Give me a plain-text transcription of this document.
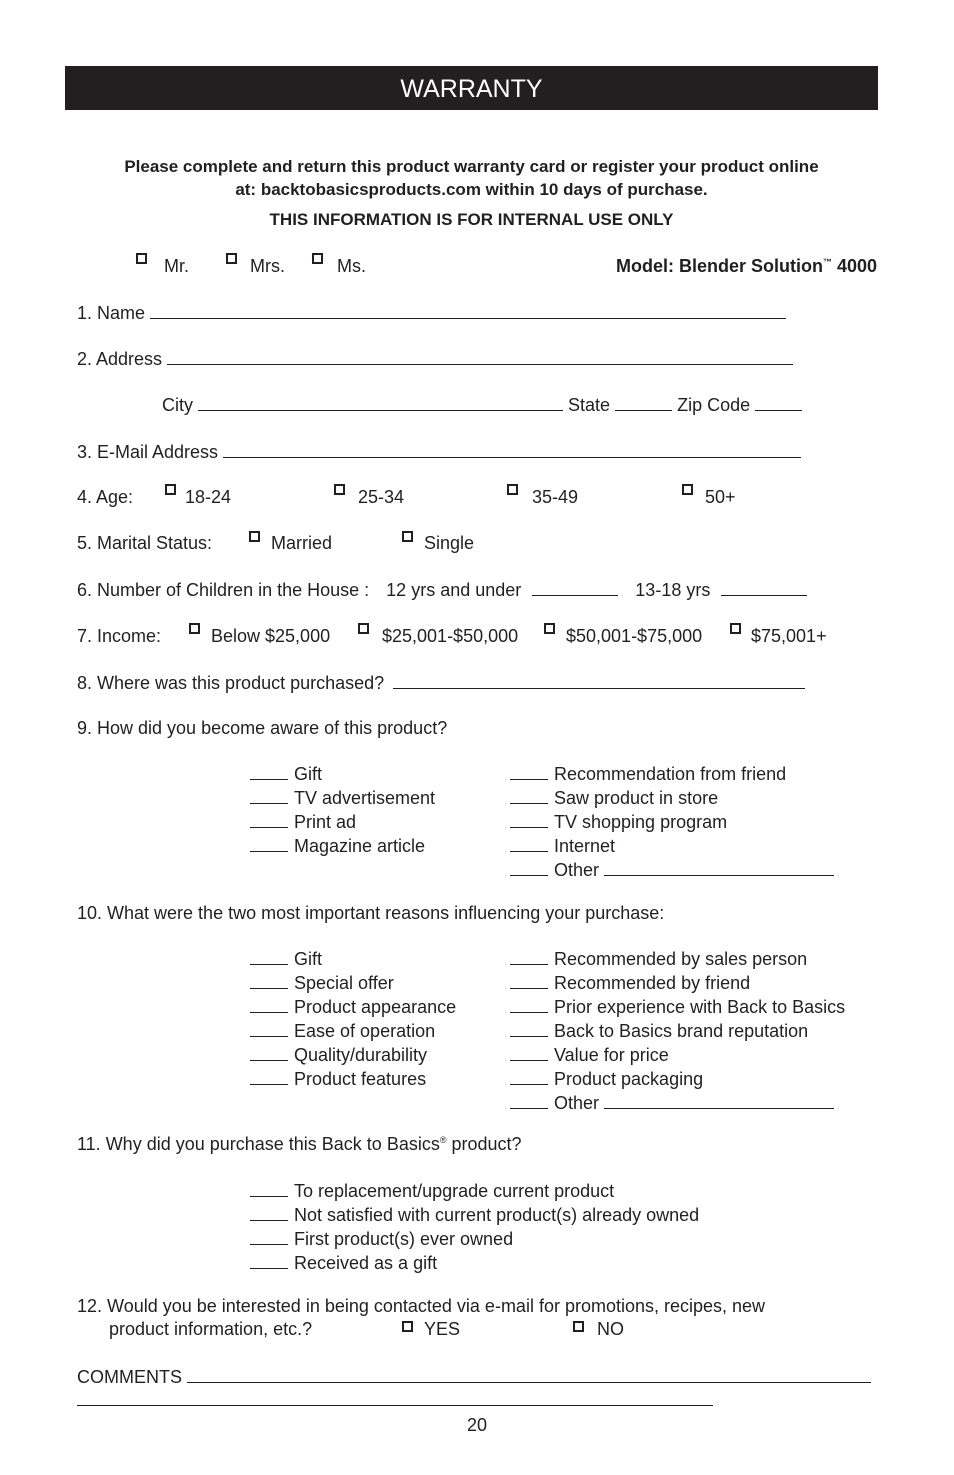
WARRANTY
Please complete and return this product warranty card or register your product online
at: backtobasicsproducts.com within 10 days of purchase.
THIS INFORMATION IS FOR INTERNAL USE ONLY
Mr.	Mrs.	Ms.	Model: Blender Solution™ 4000
1. Name
2. Address
City	State	Zip Code
3. E-Mail Address
4. Age:	18-24	25-34	35-49	50+
5. Marital Status:	Married	Single
6. Number of Children in the House : 12 yrs and under	13-18 yrs
7. Income:	Below $25,000	$25,001-$50,000	$50,001-$75,000	$75,001+
8. Where was this product purchased?
9. How did you become aware of this product?
Gift
TV advertisement
Print ad
Magazine article
Recommendation from friend
Saw product in store
TV shopping program
Internet
Other
10. What were the two most important reasons influencing your purchase:
Gift
Special offer
Product appearance
Ease of operation
Quality/durability
Product features
Recommended by sales person
Recommended by friend
Prior experience with Back to Basics
Back to Basics brand reputation
Value for price
Product packaging
Other
11. Why did you purchase this Back to Basics® product?
To replacement/upgrade current product
Not satisfied with current product(s) already owned
First product(s) ever owned
Received as a gift
12. Would you be interested in being contacted via e-mail for promotions, recipes, new
product information, etc.?	YES	NO
COMMENTS
20
